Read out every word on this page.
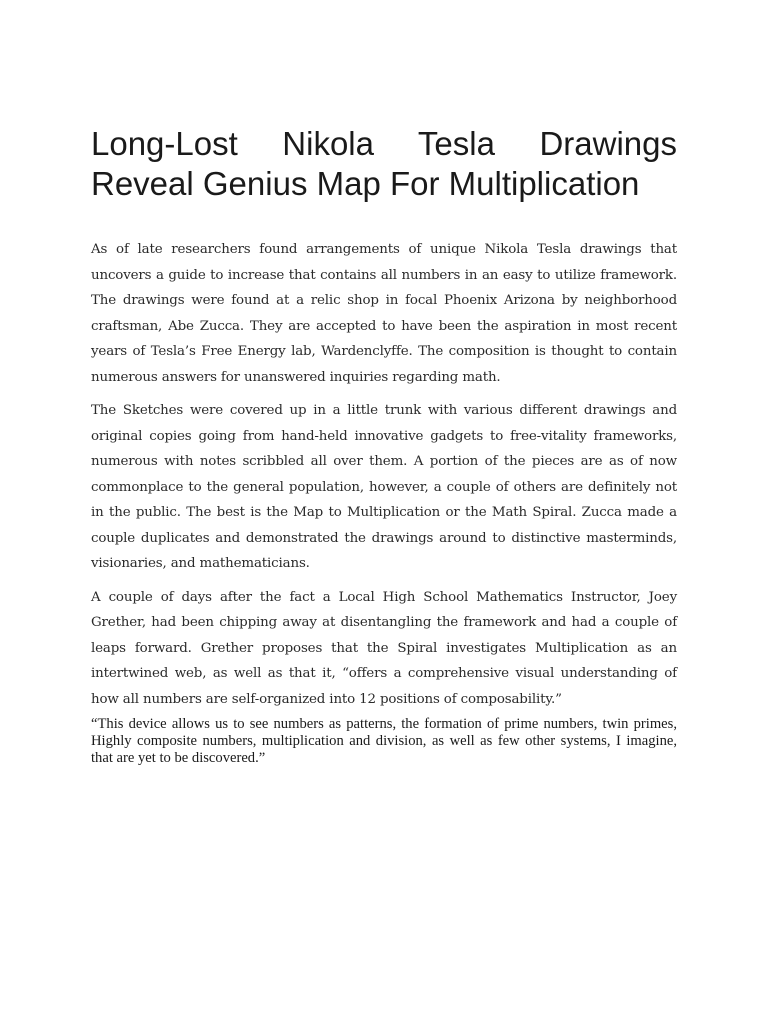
Long-Lost Nikola Tesla Drawings
Reveal Genius Map For Multiplication

As of late researchers found arrangements of unique Nikola Tesla drawings that uncovers a guide to increase that contains all numbers in an easy to utilize framework. The drawings were found at a relic shop in focal Phoenix Arizona by neighborhood craftsman, Abe Zucca. They are accepted to have been the aspiration in most recent years of Tesla’s Free Energy lab, Wardenclyffe. The composition is thought to contain numerous answers for unanswered inquiries regarding math.

The Sketches were covered up in a little trunk with various different drawings and original copies going from hand-held innovative gadgets to free-vitality frameworks, numerous with notes scribbled all over them. A portion of the pieces are as of now commonplace to the general population, however, a couple of others are definitely not in the public. The best is the Map to Multiplication or the Math Spiral. Zucca made a couple duplicates and demonstrated the drawings around to distinctive masterminds, visionaries, and mathematicians.

A couple of days after the fact a Local High School Mathematics Instructor, Joey Grether, had been chipping away at disentangling the framework and had a couple of leaps forward. Grether proposes that the Spiral investigates Multiplication as an intertwined web, as well as that it, “offers a comprehensive visual understanding of how all numbers are self-organized into 12 positions of composability.”

“This device allows us to see numbers as patterns, the formation of prime numbers, twin primes, Highly composite numbers, multiplication and division, as well as few other systems, I imagine, that are yet to be discovered.”
